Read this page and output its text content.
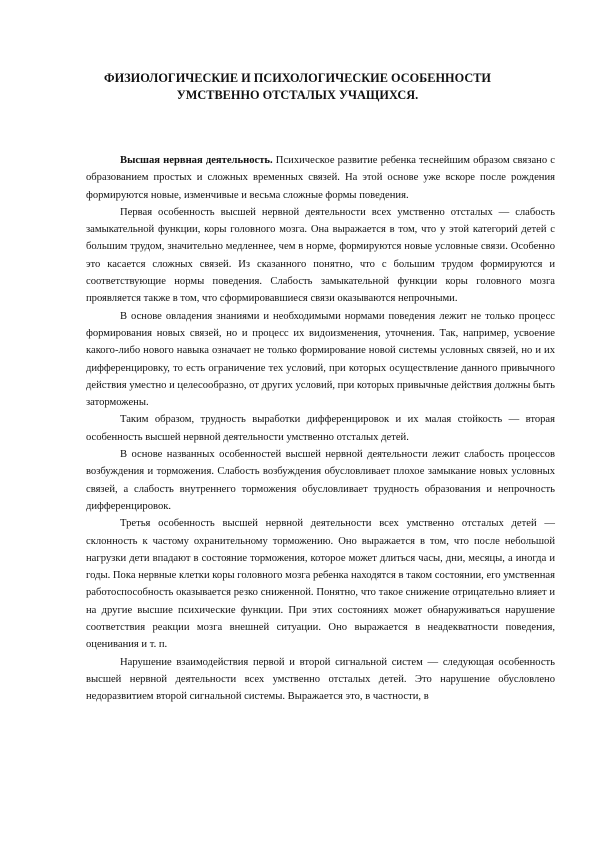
ФИЗИОЛОГИЧЕСКИЕ И ПСИХОЛОГИЧЕСКИЕ ОСОБЕННОСТИ
УМСТВЕННО ОТСТАЛЫХ УЧАЩИХСЯ.

Высшая нервная деятельность. Психическое развитие ребенка теснейшим образом связано с образованием простых и сложных временных связей. На этой основе уже вскоре после рождения формируются новые, изменчивые и весьма сложные формы поведения.

Первая особенность высшей нервной деятельности всех умственно отсталых — слабость замыкательной функции, коры головного мозга. Она выражается в том, что у этой категорий детей с большим трудом, значительно медленнее, чем в норме, формируются новые условные связи. Особенно это касается сложных связей. Из сказанного понятно, что с большим трудом формируются и соответствующие нормы поведения. Слабость замыкательной функции коры головного мозга проявляется также в том, что сформировавшиеся связи оказываются непрочными.

В основе овладения знаниями и необходимыми нормами поведения лежит не только процесс формирования новых связей, но и процесс их видоизменения, уточнения. Так, например, усвоение какого-либо нового навыка означает не только формирование новой системы условных связей, но и их дифференцировку, то есть ограничение тех условий, при которых осуществление данного привычного действия уместно и целесообразно, от других условий, при которых привычные действия должны быть заторможены.

Таким образом, трудность выработки дифференцировок и их малая стойкость — вторая особенность высшей нервной деятельности умственно отсталых детей.

В основе названных особенностей высшей нервной деятельности лежит слабость процессов возбуждения и торможения. Слабость возбуждения обусловливает плохое замыкание новых условных связей, а слабость внутреннего торможения обусловливает трудность образования и непрочность дифференцировок.

Третья особенность высшей нервной деятельности всех умственно отсталых детей — склонность к частому охранительному торможению. Оно выражается в том, что после небольшой нагрузки дети впадают в состояние торможения, которое может длиться часы, дни, месяцы, а иногда и годы. Пока нервные клетки коры головного мозга ребенка находятся в таком состоянии, его умственная работоспособность оказывается резко сниженной. Понятно, что такое снижение отрицательно влияет и на другие высшие психические функции. При этих состояниях может обнаруживаться нарушение соответствия реакции мозга внешней ситуации. Оно выражается в неадекватности поведения, оценивания и т. п.

Нарушение взаимодействия первой и второй сигнальной систем — следующая особенность высшей нервной деятельности всех умственно отсталых детей. Это нарушение обусловлено недоразвитием второй сигнальной системы. Выражается это, в частности, в
